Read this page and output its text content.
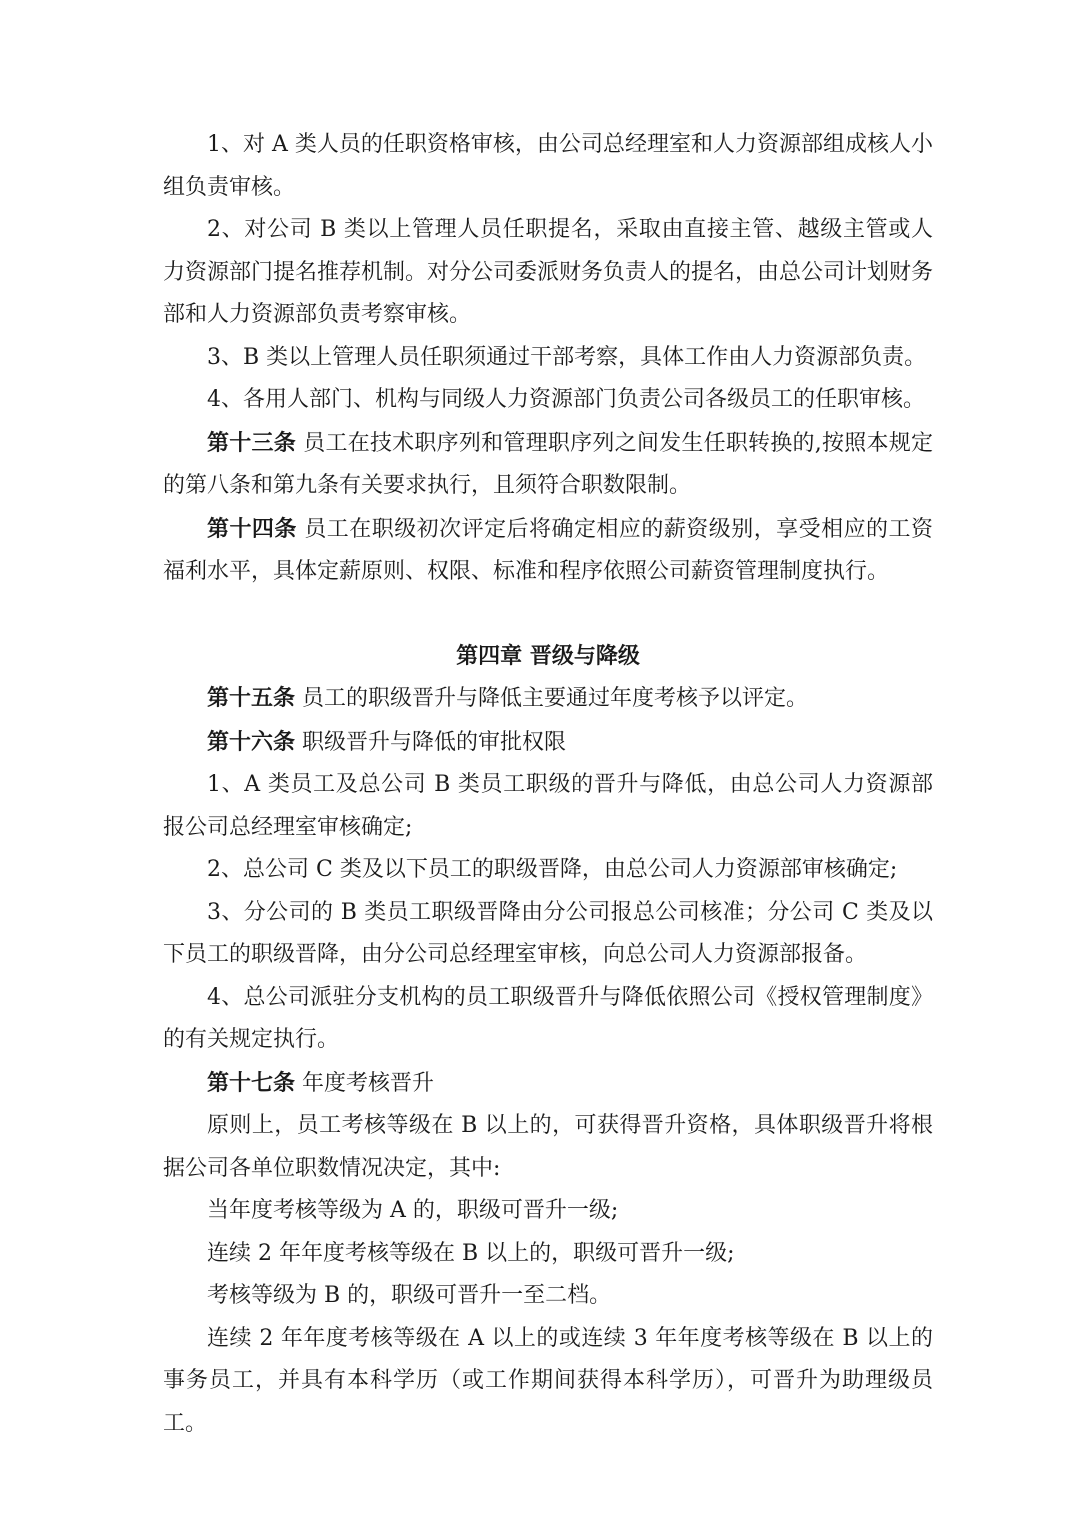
1、对 A 类人员的任职资格审核，由公司总经理室和人力资源部组成核人小组负责审核。

2、对公司 B 类以上管理人员任职提名，采取由直接主管、越级主管或人力资源部门提名推荐机制。对分公司委派财务负责人的提名，由总公司计划财务部和人力资源部负责考察审核。

3、B 类以上管理人员任职须通过干部考察，具体工作由人力资源部负责。

4、各用人部门、机构与同级人力资源部门负责公司各级员工的任职审核。

第十三条 员工在技术职序列和管理职序列之间发生任职转换的,按照本规定的第八条和第九条有关要求执行，且须符合职数限制。

第十四条 员工在职级初次评定后将确定相应的薪资级别，享受相应的工资福利水平，具体定薪原则、权限、标准和程序依照公司薪资管理制度执行。

第四章 晋级与降级

第十五条 员工的职级晋升与降低主要通过年度考核予以评定。

第十六条 职级晋升与降低的审批权限

1、A 类员工及总公司 B 类员工职级的晋升与降低，由总公司人力资源部报公司总经理室审核确定;

2、总公司 C 类及以下员工的职级晋降，由总公司人力资源部审核确定;

3、分公司的 B 类员工职级晋降由分公司报总公司核准；分公司 C 类及以下员工的职级晋降，由分公司总经理室审核，向总公司人力资源部报备。

4、总公司派驻分支机构的员工职级晋升与降低依照公司《授权管理制度》的有关规定执行。

第十七条 年度考核晋升

原则上，员工考核等级在 B 以上的，可获得晋升资格，具体职级晋升将根据公司各单位职数情况决定，其中:

当年度考核等级为 A 的，职级可晋升一级;

连续 2 年年度考核等级在 B 以上的，职级可晋升一级;

考核等级为 B 的，职级可晋升一至二档。

连续 2 年年度考核等级在 A 以上的或连续 3 年年度考核等级在 B 以上的事务员工，并具有本科学历（或工作期间获得本科学历），可晋升为助理级员工。
